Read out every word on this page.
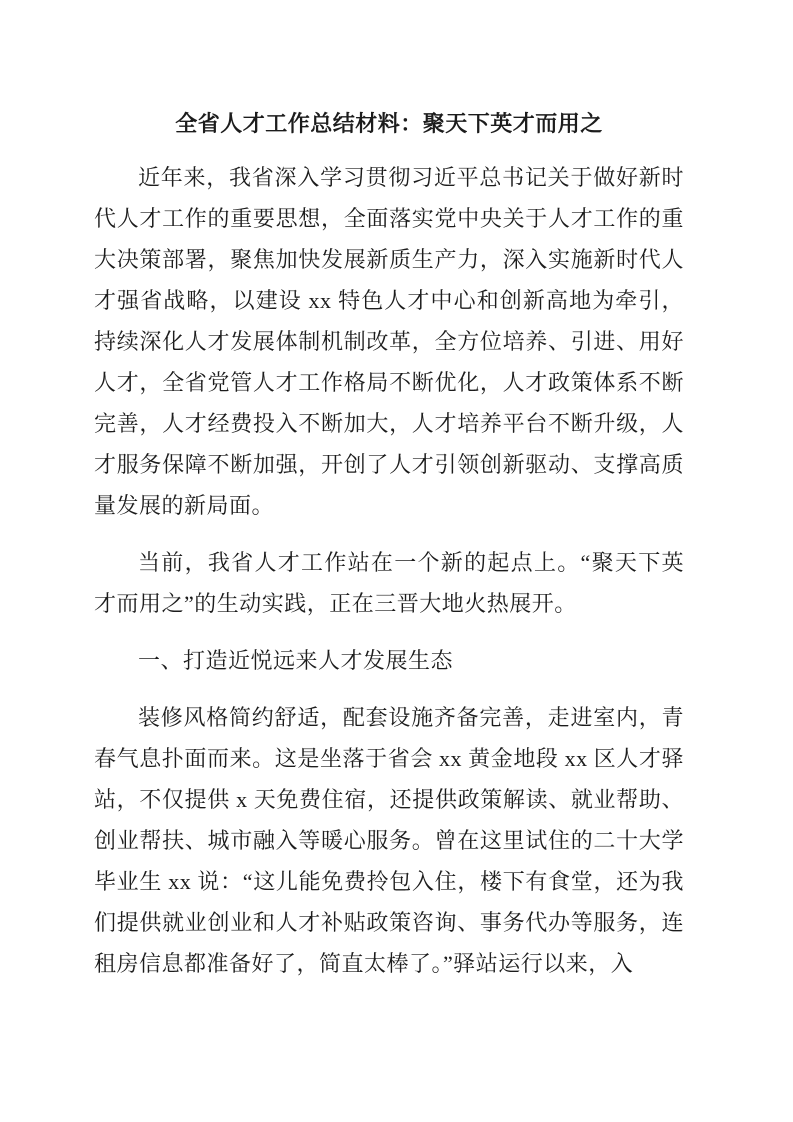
全省人才工作总结材料：聚天下英才而用之

近年来，我省深入学习贯彻习近平总书记关于做好新时代人才工作的重要思想，全面落实党中央关于人才工作的重大决策部署，聚焦加快发展新质生产力，深入实施新时代人才强省战略，以建设 xx 特色人才中心和创新高地为牵引，持续深化人才发展体制机制改革，全方位培养、引进、用好人才，全省党管人才工作格局不断优化，人才政策体系不断完善，人才经费投入不断加大，人才培养平台不断升级，人才服务保障不断加强，开创了人才引领创新驱动、支撑高质量发展的新局面。

当前，我省人才工作站在一个新的起点上。“聚天下英才而用之”的生动实践，正在三晋大地火热展开。

一、打造近悦远来人才发展生态

装修风格简约舒适，配套设施齐备完善，走进室内，青春气息扑面而来。这是坐落于省会 xx 黄金地段 xx 区人才驿站，不仅提供 x 天免费住宿，还提供政策解读、就业帮助、创业帮扶、城市融入等暖心服务。曾在这里试住的二十大学毕业生 xx 说：“这儿能免费拎包入住，楼下有食堂，还为我们提供就业创业和人才补贴政策咨询、事务代办等服务，连租房信息都准备好了，简直太棒了。”驿站运行以来，入
